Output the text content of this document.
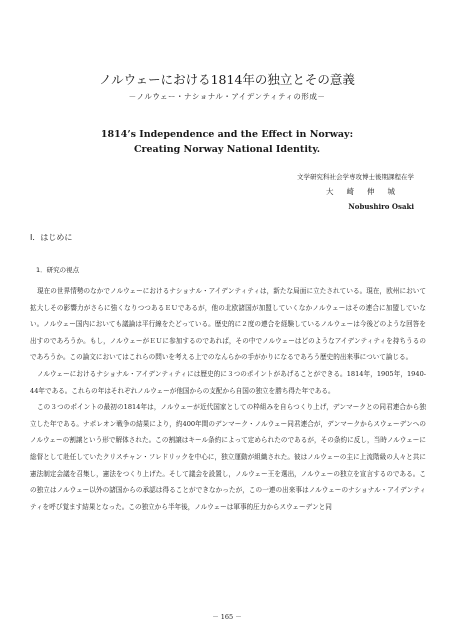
ノルウェーにおける1814年の独立とその意義
－ノルウェー・ナショナル・アイデンティティの形成－
1814’s Independence and the Effect in Norway:
Creating Norway National Identity.
文学研究科社会学専攻博士後期課程在学
大崎伸城
Nobushiro Osaki
Ⅰ．はじめに
1．研究の視点

現在の世界情勢のなかでノルウェーにおけるナショナル・アイデンティティは，新たな局面に立たされている。現在，欧州において拡大しその影響力がさらに強くなりつつあるＥＵであるが，他の北欧諸国が加盟していくなかノルウェーはその連合に加盟していない。ノルウェー国内においても議論は平行線をたどっている。歴史的に２度の連合を経験しているノルウェーは今後どのような回答を出すのであろうか。もし，ノルウェーがＥＵに参加するのであれば，その中でノルウェーはどのようなアイデンティティを持ちうるのであろうか。この論文においてはこれらの問いを考える上でのなんらかの手がかりになるであろう歴史的出来事について論じる。

ノルウェーにおけるナショナル・アイデンティティには歴史的に３つのポイントがあげることができる。1814年，1905年，1940-44年である。これらの年はそれぞれノルウェーが他国からの支配から自国の独立を勝ち得た年である。

この３つのポイントの最初の1814年は，ノルウェーが近代国家としての枠組みを自らつくり上げ，デンマークとの同君連合から独立した年である。ナポレオン戦争の結果により，約400年間のデンマーク・ノルウェー同君連合が，デンマークからスウェーデンへのノルウェーの割譲という形で解体された。この割譲はキール条約によって定められたのであるが，その条約に反し，当時ノルウェーに総督として赴任していたクリスチャン・フレドリックを中心に，独立運動が組織された。彼はノルウェーの主に上流階級の人々と共に憲法制定会議を召集し，憲法をつくり上げた。そして議会を設置し，ノルウェー王を選出，ノルウェーの独立を宣言するのである。この独立はノルウェー以外の諸国からの承認は得ることができなかったが，この一連の出来事はノルウェーのナショナル・アイデンティティを呼び覚ます結果となった。この独立から半年後，ノルウェーは軍事的圧力からスウェーデンと同

－ 165 －
